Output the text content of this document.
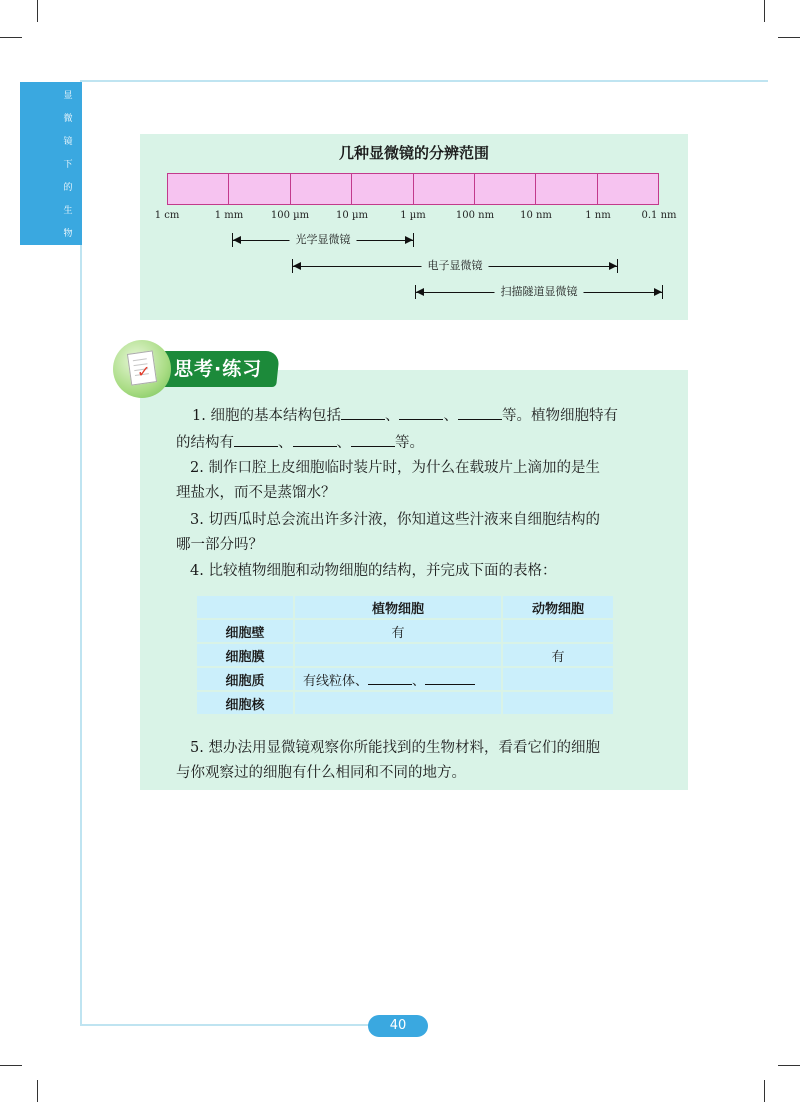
显
微
镜
下
的
生
物
几种显微镜的分辨范围
1 cm	1 mm	100 µm	10 µm	1 µm	100 nm	10 nm	1 nm	0.1 nm
光学显微镜
电子显微镜
扫描隧道显微镜
思考·练习
✓
1. 细胞的基本结构包括	、	、	等。植物细胞特有
的结构有	、	、	等。
2. 制作口腔上皮细胞临时装片时，为什么在载玻片上滴加的是生
理盐水，而不是蒸馏水？
3. 切西瓜时总会流出许多汁液，你知道这些汁液来自细胞结构的
哪一部分吗？
4. 比较植物细胞和动物细胞的结构，并完成下面的表格：
	植物细胞	动物细胞
细胞壁	有	
细胞膜		有
细胞质	有线粒体、 、	
细胞核		
5. 想办法用显微镜观察你所能找到的生物材料，看看它们的细胞
与你观察过的细胞有什么相同和不同的地方。
40
